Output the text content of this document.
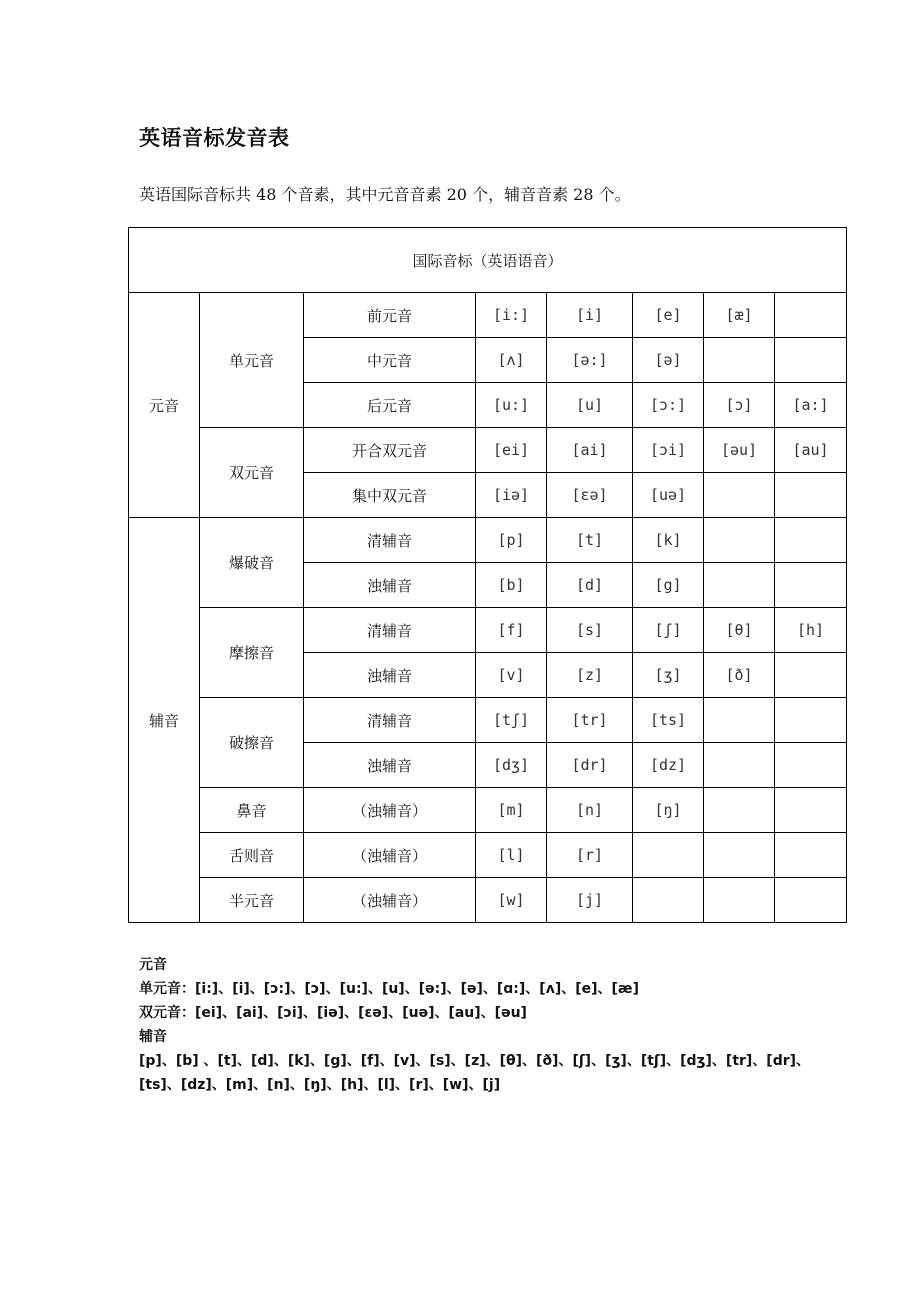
英语音标发音表
英语国际音标共 48 个音素，其中元音音素 20 个，辅音音素 28 个。
国际音标（英语语音）							
元音	单元音	前元音	[i:]	[i]	[e]	[æ]	
		中元音	[ʌ]	[ə:]	[ə]		
		后元音	[u:]	[u]	[ɔ:]	[ɔ]	[a:]
	双元音	开合双元音	[ei]	[ai]	[ɔi]	[əu]	[au]
		集中双元音	[iə]	[ɛə]	[uə]		
辅音	爆破音	清辅音	[p]	[t]	[k]		
		浊辅音	[b]	[d]	[g]		
	摩擦音	清辅音	[f]	[s]	[ʃ]	[θ]	[h]
		浊辅音	[v]	[z]	[ʒ]	[ð]	
	破擦音	清辅音	[tʃ]	[tr]	[ts]		
		浊辅音	[dʒ]	[dr]	[dz]		
	鼻音	（浊辅音）	[m]	[n]	[ŋ]		
	舌则音	（浊辅音）	[l]	[r]			
	半元音	（浊辅音）	[w]	[j]			
元音
单元音：[i:]、[i]、[ɔ:]、[ɔ]、[u:]、[u]、[ə:]、[ə]、[ɑ:]、[ʌ]、[e]、[æ]
双元音：[ei]、[ai]、[ɔi]、[iə]、[ɛə]、[uə]、[au]、[əu]
辅音
[p]、[b] 、[t]、[d]、[k]、[g]、[f]、[v]、[s]、[z]、[θ]、[ð]、[ʃ]、[ʒ]、[tʃ]、[dʒ]、[tr]、[dr]、
[ts]、[dz]、[m]、[n]、[ŋ]、[h]、[l]、[r]、[w]、[j]
